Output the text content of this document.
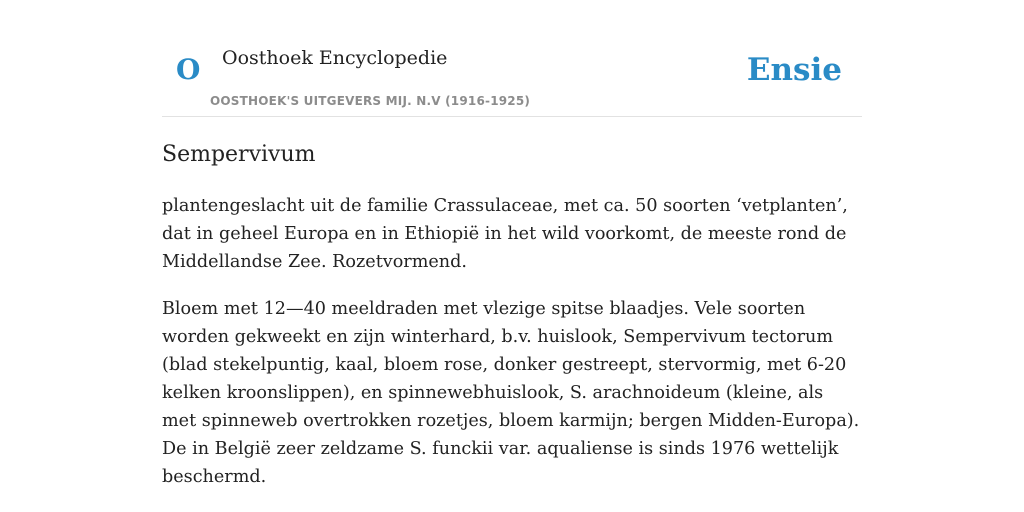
O Oosthoek Encyclopedie
OOSTHOEK'S UITGEVERS MIJ. N.V (1916-1925)
Ensie
Sempervivum

plantengeslacht uit de familie Crassulaceae, met ca. 50 soorten ‘vetplanten’, dat in geheel Europa en in Ethiopië in het wild voorkomt, de meeste rond de Middellandse Zee. Rozetvormend.

Bloem met 12—40 meeldraden met vlezige spitse blaadjes. Vele soorten worden gekweekt en zijn winterhard, b.v. huislook, Sempervivum tectorum (blad stekelpuntig, kaal, bloem rose, donker gestreept, stervormig, met 6-20 kelken kroonslippen), en spinnewebhuislook, S. arachnoideum (kleine, als met spinneweb overtrokken rozetjes, bloem karmijn; bergen Midden-Europa). De in België zeer zeldzame S. funckii var. aqualiense is sinds 1976 wettelijk beschermd.
